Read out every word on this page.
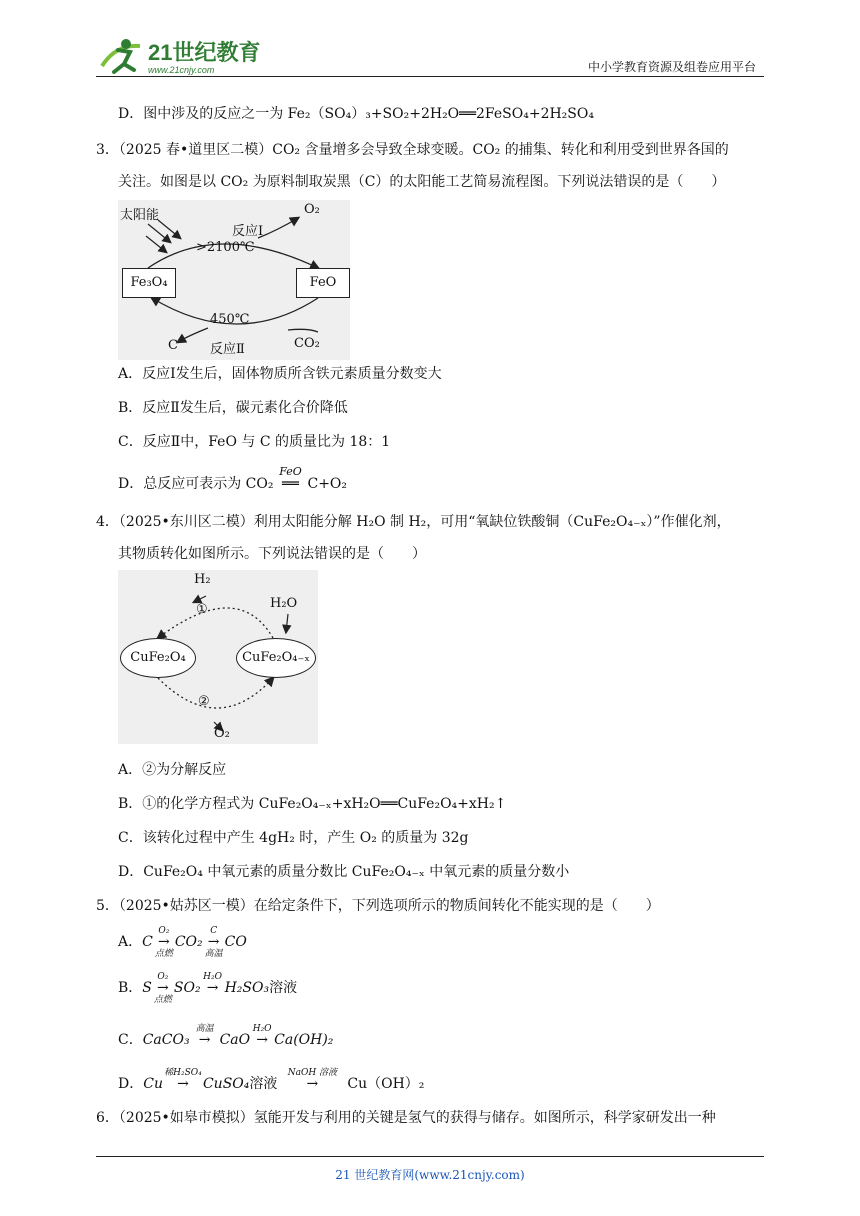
21世纪教育
www.21cnjy.com	中小学教育资源及组卷应用平台
D．图中涉及的反应之一为 Fe₂（SO₄）₃+SO₂+2H₂O══2FeSO₄+2H₂SO₄
3．（2025 春•道里区二模）CO₂ 含量增多会导致全球变暖。CO₂ 的捕集、转化和利用受到世界各国的
关注。如图是以 CO₂ 为原料制取炭黑（C）的太阳能工艺简易流程图。下列说法错误的是（　　）
太阳能
反应Ⅰ
O₂
>2100℃
Fe₃O₄	FeO
450℃
C 反应Ⅱ	CO₂
A．反应Ⅰ发生后，固体物质所含铁元素质量分数变大
B．反应Ⅱ发生后，碳元素化合价降低
C．反应Ⅱ中，FeO 与 C 的质量比为 18：1
D．总反应可表示为 CO₂
FeO
══ C+O₂
4．（2025•东川区二模）利用太阳能分解 H₂O 制 H₂，可用“氧缺位铁酸铜（CuFe₂O₄₋ₓ）”作催化剂，
其物质转化如图所示。下列说法错误的是（　　）
H₂
①	H₂O
CuFe₂O₄	CuFe₂O₄₋ₓ
②
O₂
A．②为分解反应
B．①的化学方程式为 CuFe₂O₄₋ₓ+xH₂O══CuFe₂O₄+xH₂↑
C．该转化过程中产生 4gH₂ 时，产生 O₂ 的质量为 32g
D．CuFe₂O₄ 中氧元素的质量分数比 CuFe₂O₄₋ₓ 中氧元素的质量分数小
5．（2025•姑苏区一模）在给定条件下，下列选项所示的物质间转化不能实现的是（　　）
A．C
O₂
→
点燃
CO₂
C
→
高温
CO
B．S
O₂
→
点燃
SO₂
H₂O
→ H₂SO₃溶液
C．CaCO₃
高温
→ CaO
H₂O
→ Ca(OH)₂
D．Cu
稀H₂SO₄
→ CuSO₄溶液
NaOH 溶液
→ Cu（OH）₂
6．（2025•如皋市模拟）氢能开发与利用的关键是氢气的获得与储存。如图所示，科学家研发出一种
21 世纪教育网(www.21cnjy.com)
